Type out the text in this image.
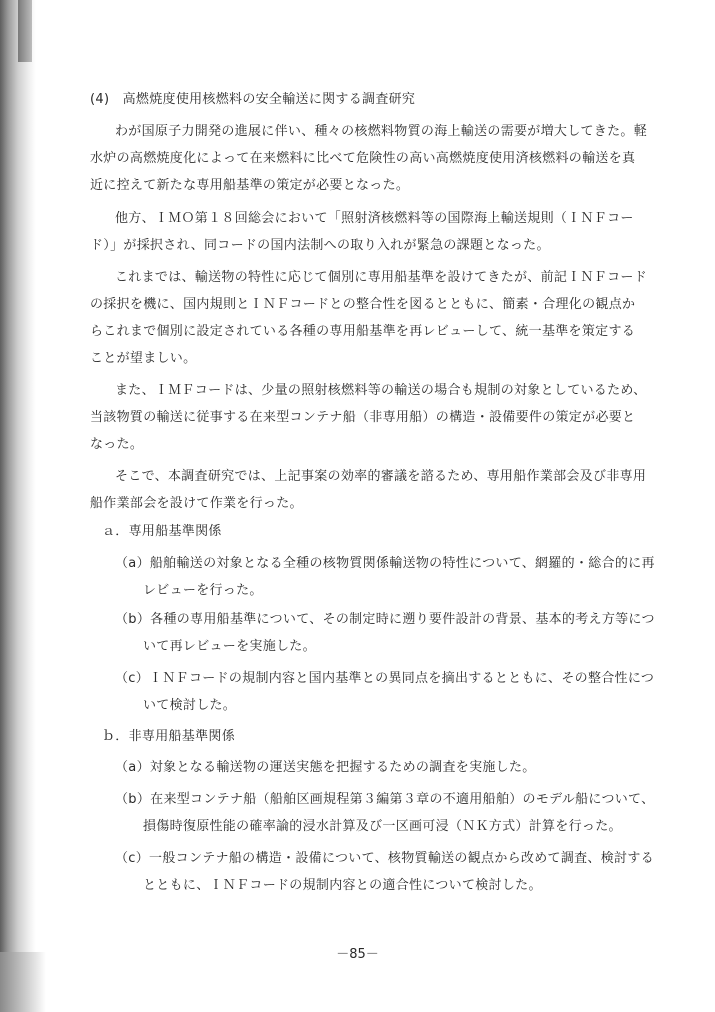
(4)　高燃焼度使用核燃料の安全輸送に関する調査研究
わが国原子力開発の進展に伴い、種々の核燃料物質の海上輸送の需要が増大してきた。軽
水炉の高燃焼度化によって在来燃料に比べて危険性の高い高燃焼度使用済核燃料の輸送を真
近に控えて新たな専用船基準の策定が必要となった。
他方、ＩＭＯ第１８回総会において「照射済核燃料等の国際海上輸送規則（ＩＮＦコー
ド）」が採択され、同コードの国内法制への取り入れが緊急の課題となった。
これまでは、輸送物の特性に応じて個別に専用船基準を設けてきたが、前記ＩＮＦコード
の採択を機に、国内規則とＩＮＦコードとの整合性を図るとともに、簡素・合理化の観点か
らこれまで個別に設定されている各種の専用船基準を再レビューして、統一基準を策定する
ことが望ましい。
また、ＩＭＦコードは、少量の照射核燃料等の輸送の場合も規制の対象としているため、
当該物質の輸送に従事する在来型コンテナ船（非専用船）の構造・設備要件の策定が必要と
なった。
そこで、本調査研究では、上記事案の効率的審議を諮るため、専用船作業部会及び非専用
船作業部会を設けて作業を行った。
ａ．専用船基準関係
（a）船舶輸送の対象となる全種の核物質関係輸送物の特性について、網羅的・総合的に再
レビューを行った。
（b）各種の専用船基準について、その制定時に遡り要件設計の背景、基本的考え方等につ
いて再レビューを実施した。
（c）ＩＮＦコードの規制内容と国内基準との異同点を摘出するとともに、その整合性につ
いて検討した。
ｂ．非専用船基準関係
（a）対象となる輸送物の運送実態を把握するための調査を実施した。
（b）在来型コンテナ船（船舶区画規程第３編第３章の不適用船舶）のモデル船について、
損傷時復原性能の確率論的浸水計算及び一区画可浸（ＮＫ方式）計算を行った。
（c）一般コンテナ船の構造・設備について、核物質輸送の観点から改めて調査、検討する
とともに、ＩＮＦコードの規制内容との適合性について検討した。
－85－
